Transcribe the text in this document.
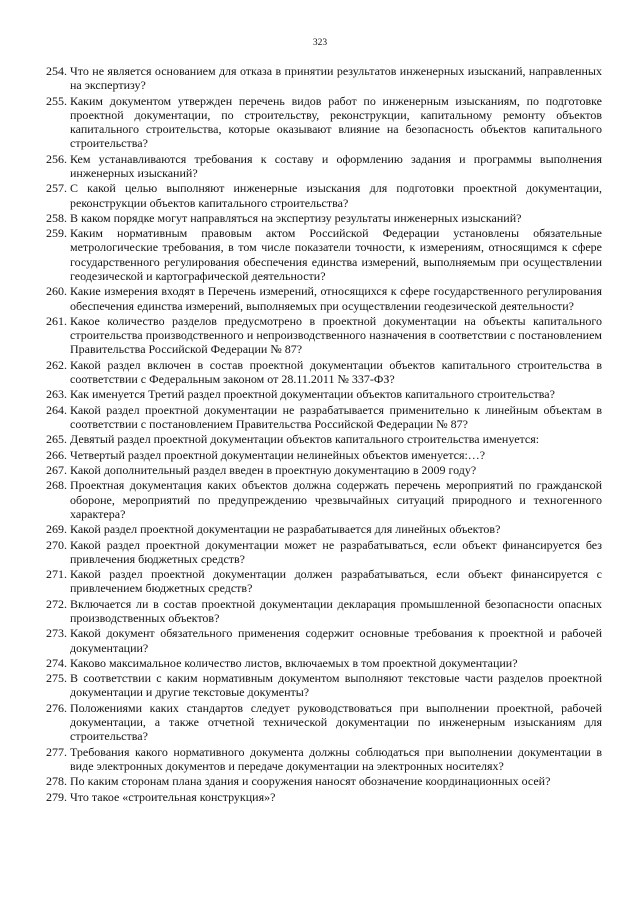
323
254. Что не является основанием для отказа в принятии результатов инженерных изысканий, направленных на экспертизу?
255. Каким документом утвержден перечень видов работ по инженерным изысканиям, по подготовке проектной документации, по строительству, реконструкции, капитальному ремонту объектов капитального строительства, которые оказывают влияние на безопасность объектов капитального строительства?
256. Кем устанавливаются требования к составу и оформлению задания и программы выполнения инженерных изысканий?
257. С какой целью выполняют инженерные изыскания для подготовки проектной документации, реконструкции объектов капитального строительства?
258. В каком порядке могут направляться на экспертизу результаты инженерных изысканий?
259. Каким нормативным правовым актом Российской Федерации установлены обязательные метрологические требования, в том числе показатели точности, к измерениям, относящимся к сфере государственного регулирования обеспечения единства измерений, выполняемым при осуществлении геодезической и картографической деятельности?
260. Какие измерения входят в Перечень измерений, относящихся к сфере государственного регулирования обеспечения единства измерений, выполняемых при осуществлении геодезической деятельности?
261. Какое количество разделов предусмотрено в проектной документации на объекты капитального строительства производственного и непроизводственного назначения в соответствии с постановлением Правительства Российской Федерации № 87?
262. Какой раздел включен в состав проектной документации объектов капитального строительства в соответствии с Федеральным законом от 28.11.2011 № 337-ФЗ?
263. Как именуется Третий раздел проектной документации объектов капитального строительства?
264. Какой раздел проектной документации не разрабатывается применительно к линейным объектам в соответствии с постановлением Правительства Российской Федерации № 87?
265. Девятый раздел проектной документации объектов капитального строительства именуется:
266. Четвертый раздел проектной документации нелинейных объектов именуется:…?
267. Какой дополнительный раздел введен в проектную документацию в 2009 году?
268. Проектная документация каких объектов должна содержать перечень мероприятий по гражданской обороне, мероприятий по предупреждению чрезвычайных ситуаций природного и техногенного характера?
269. Какой раздел проектной документации не разрабатывается для линейных объектов?
270. Какой раздел проектной документации может не разрабатываться, если объект финансируется без привлечения бюджетных средств?
271. Какой раздел проектной документации должен разрабатываться, если объект финансируется с привлечением бюджетных средств?
272. Включается ли в состав проектной документации декларация промышленной безопасности опасных производственных объектов?
273. Какой документ обязательного применения содержит основные требования к проектной и рабочей документации?
274. Каково максимальное количество листов, включаемых в том проектной документации?
275. В соответствии с каким нормативным документом выполняют текстовые части разделов проектной документации и другие текстовые документы?
276. Положениями каких стандартов следует руководствоваться при выполнении проектной, рабочей документации, а также отчетной технической документации по инженерным изысканиям для строительства?
277. Требования какого нормативного документа должны соблюдаться при выполнении документации в виде электронных документов и передаче документации на электронных носителях?
278. По каким сторонам плана здания и сооружения наносят обозначение координационных осей?
279. Что такое «строительная конструкция»?
